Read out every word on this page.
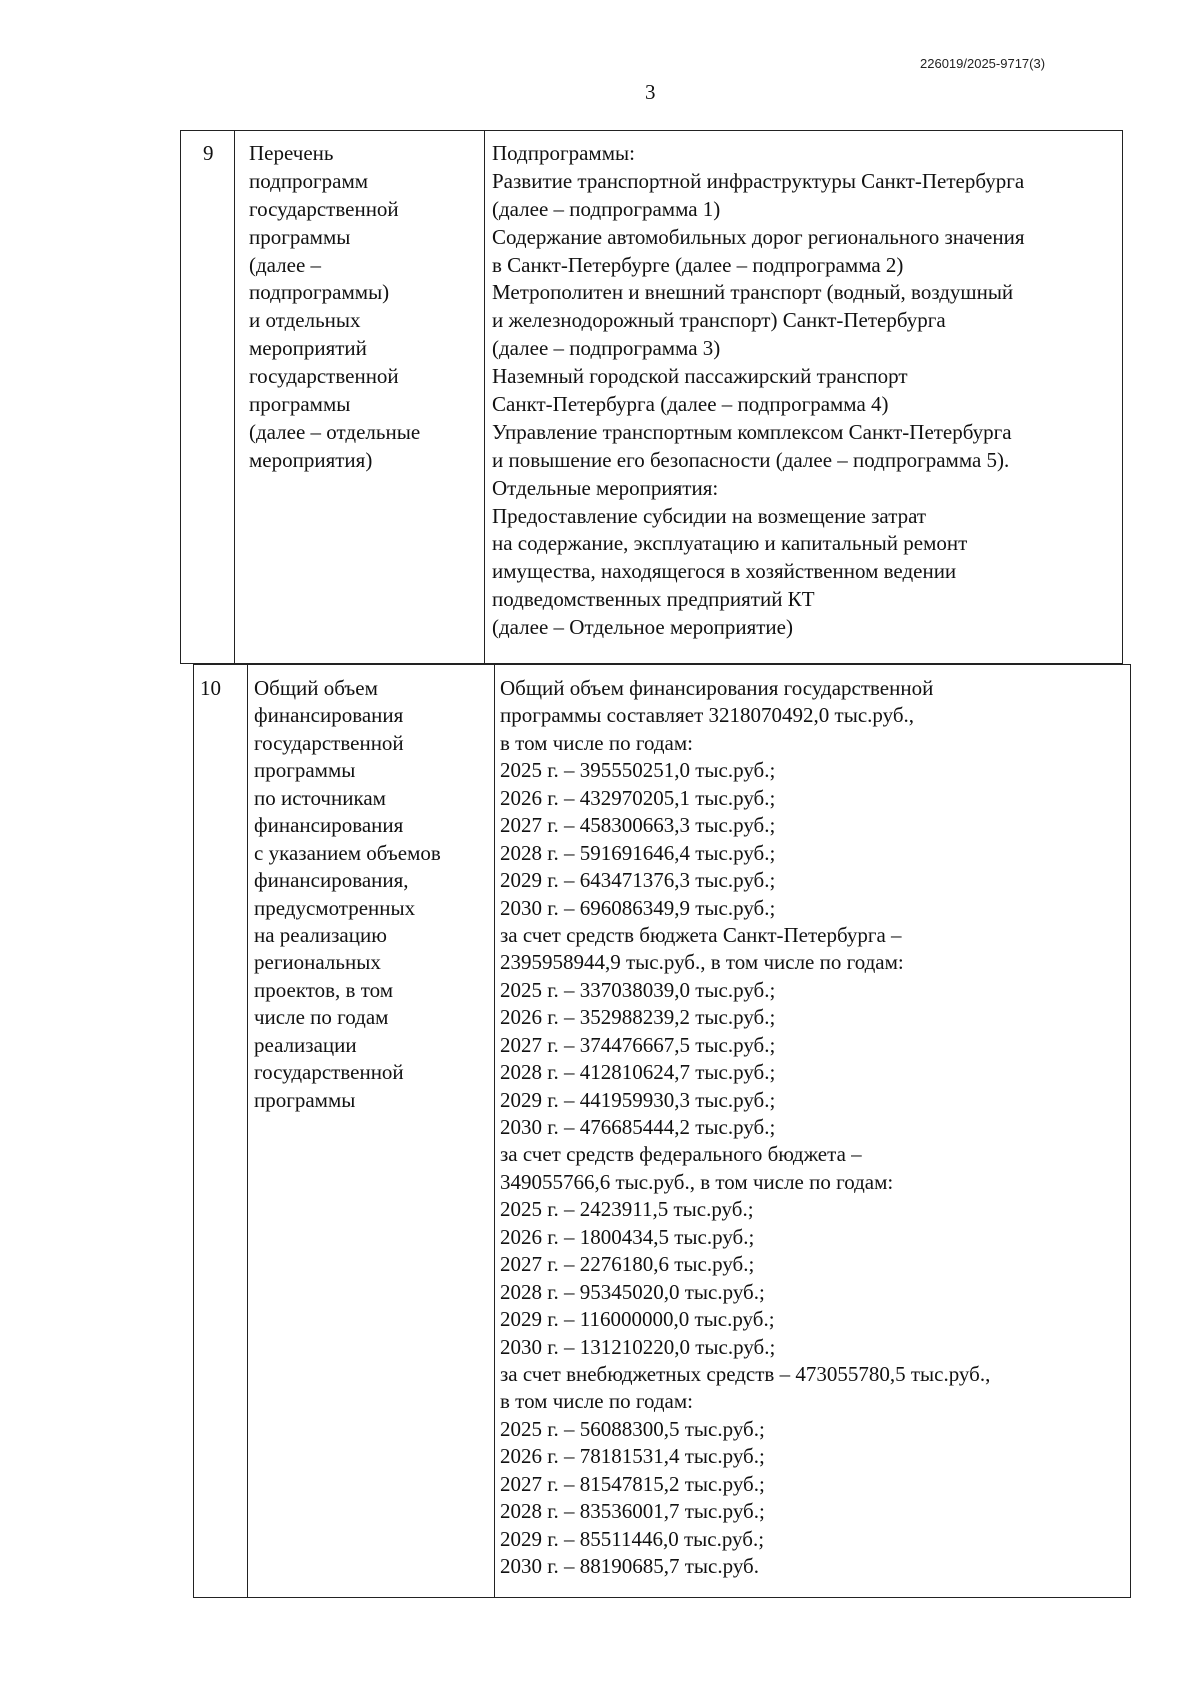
226019/2025-9717(3)
3
9 Перечень
подпрограмм
государственной
программы
(далее –
подпрограммы)
и отдельных
мероприятий
государственной
программы
(далее – отдельные
мероприятия)
Подпрограммы:
Развитие транспортной инфраструктуры Санкт-Петербурга
(далее – подпрограмма 1)
Содержание автомобильных дорог регионального значения
в Санкт-Петербурге (далее – подпрограмма 2)
Метрополитен и внешний транспорт (водный, воздушный
и железнодорожный транспорт) Санкт-Петербурга
(далее – подпрограмма 3)
Наземный городской пассажирский транспорт
Санкт-Петербурга (далее – подпрограмма 4)
Управление транспортным комплексом Санкт-Петербурга
и повышение его безопасности (далее – подпрограмма 5).
Отдельные мероприятия:
Предоставление субсидии на возмещение затрат
на содержание, эксплуатацию и капитальный ремонт
имущества, находящегося в хозяйственном ведении
подведомственных предприятий КТ
(далее – Отдельное мероприятие)
10 Общий объем
финансирования
государственной
программы
по источникам
финансирования
с указанием объемов
финансирования,
предусмотренных
на реализацию
региональных
проектов, в том
числе по годам
реализации
государственной
программы
Общий объем финансирования государственной
программы составляет 3218070492,0 тыс.руб.,
в том числе по годам:
2025 г. – 395550251,0 тыс.руб.;
2026 г. – 432970205,1 тыс.руб.;
2027 г. – 458300663,3 тыс.руб.;
2028 г. – 591691646,4 тыс.руб.;
2029 г. – 643471376,3 тыс.руб.;
2030 г. – 696086349,9 тыс.руб.;
за счет средств бюджета Санкт-Петербурга –
2395958944,9 тыс.руб., в том числе по годам:
2025 г. – 337038039,0 тыс.руб.;
2026 г. – 352988239,2 тыс.руб.;
2027 г. – 374476667,5 тыс.руб.;
2028 г. – 412810624,7 тыс.руб.;
2029 г. – 441959930,3 тыс.руб.;
2030 г. – 476685444,2 тыс.руб.;
за счет средств федерального бюджета –
349055766,6 тыс.руб., в том числе по годам:
2025 г. – 2423911,5 тыс.руб.;
2026 г. – 1800434,5 тыс.руб.;
2027 г. – 2276180,6 тыс.руб.;
2028 г. – 95345020,0 тыс.руб.;
2029 г. – 116000000,0 тыс.руб.;
2030 г. – 131210220,0 тыс.руб.;
за счет внебюджетных средств – 473055780,5 тыс.руб.,
в том числе по годам:
2025 г. – 56088300,5 тыс.руб.;
2026 г. – 78181531,4 тыс.руб.;
2027 г. – 81547815,2 тыс.руб.;
2028 г. – 83536001,7 тыс.руб.;
2029 г. – 85511446,0 тыс.руб.;
2030 г. – 88190685,7 тыс.руб.
